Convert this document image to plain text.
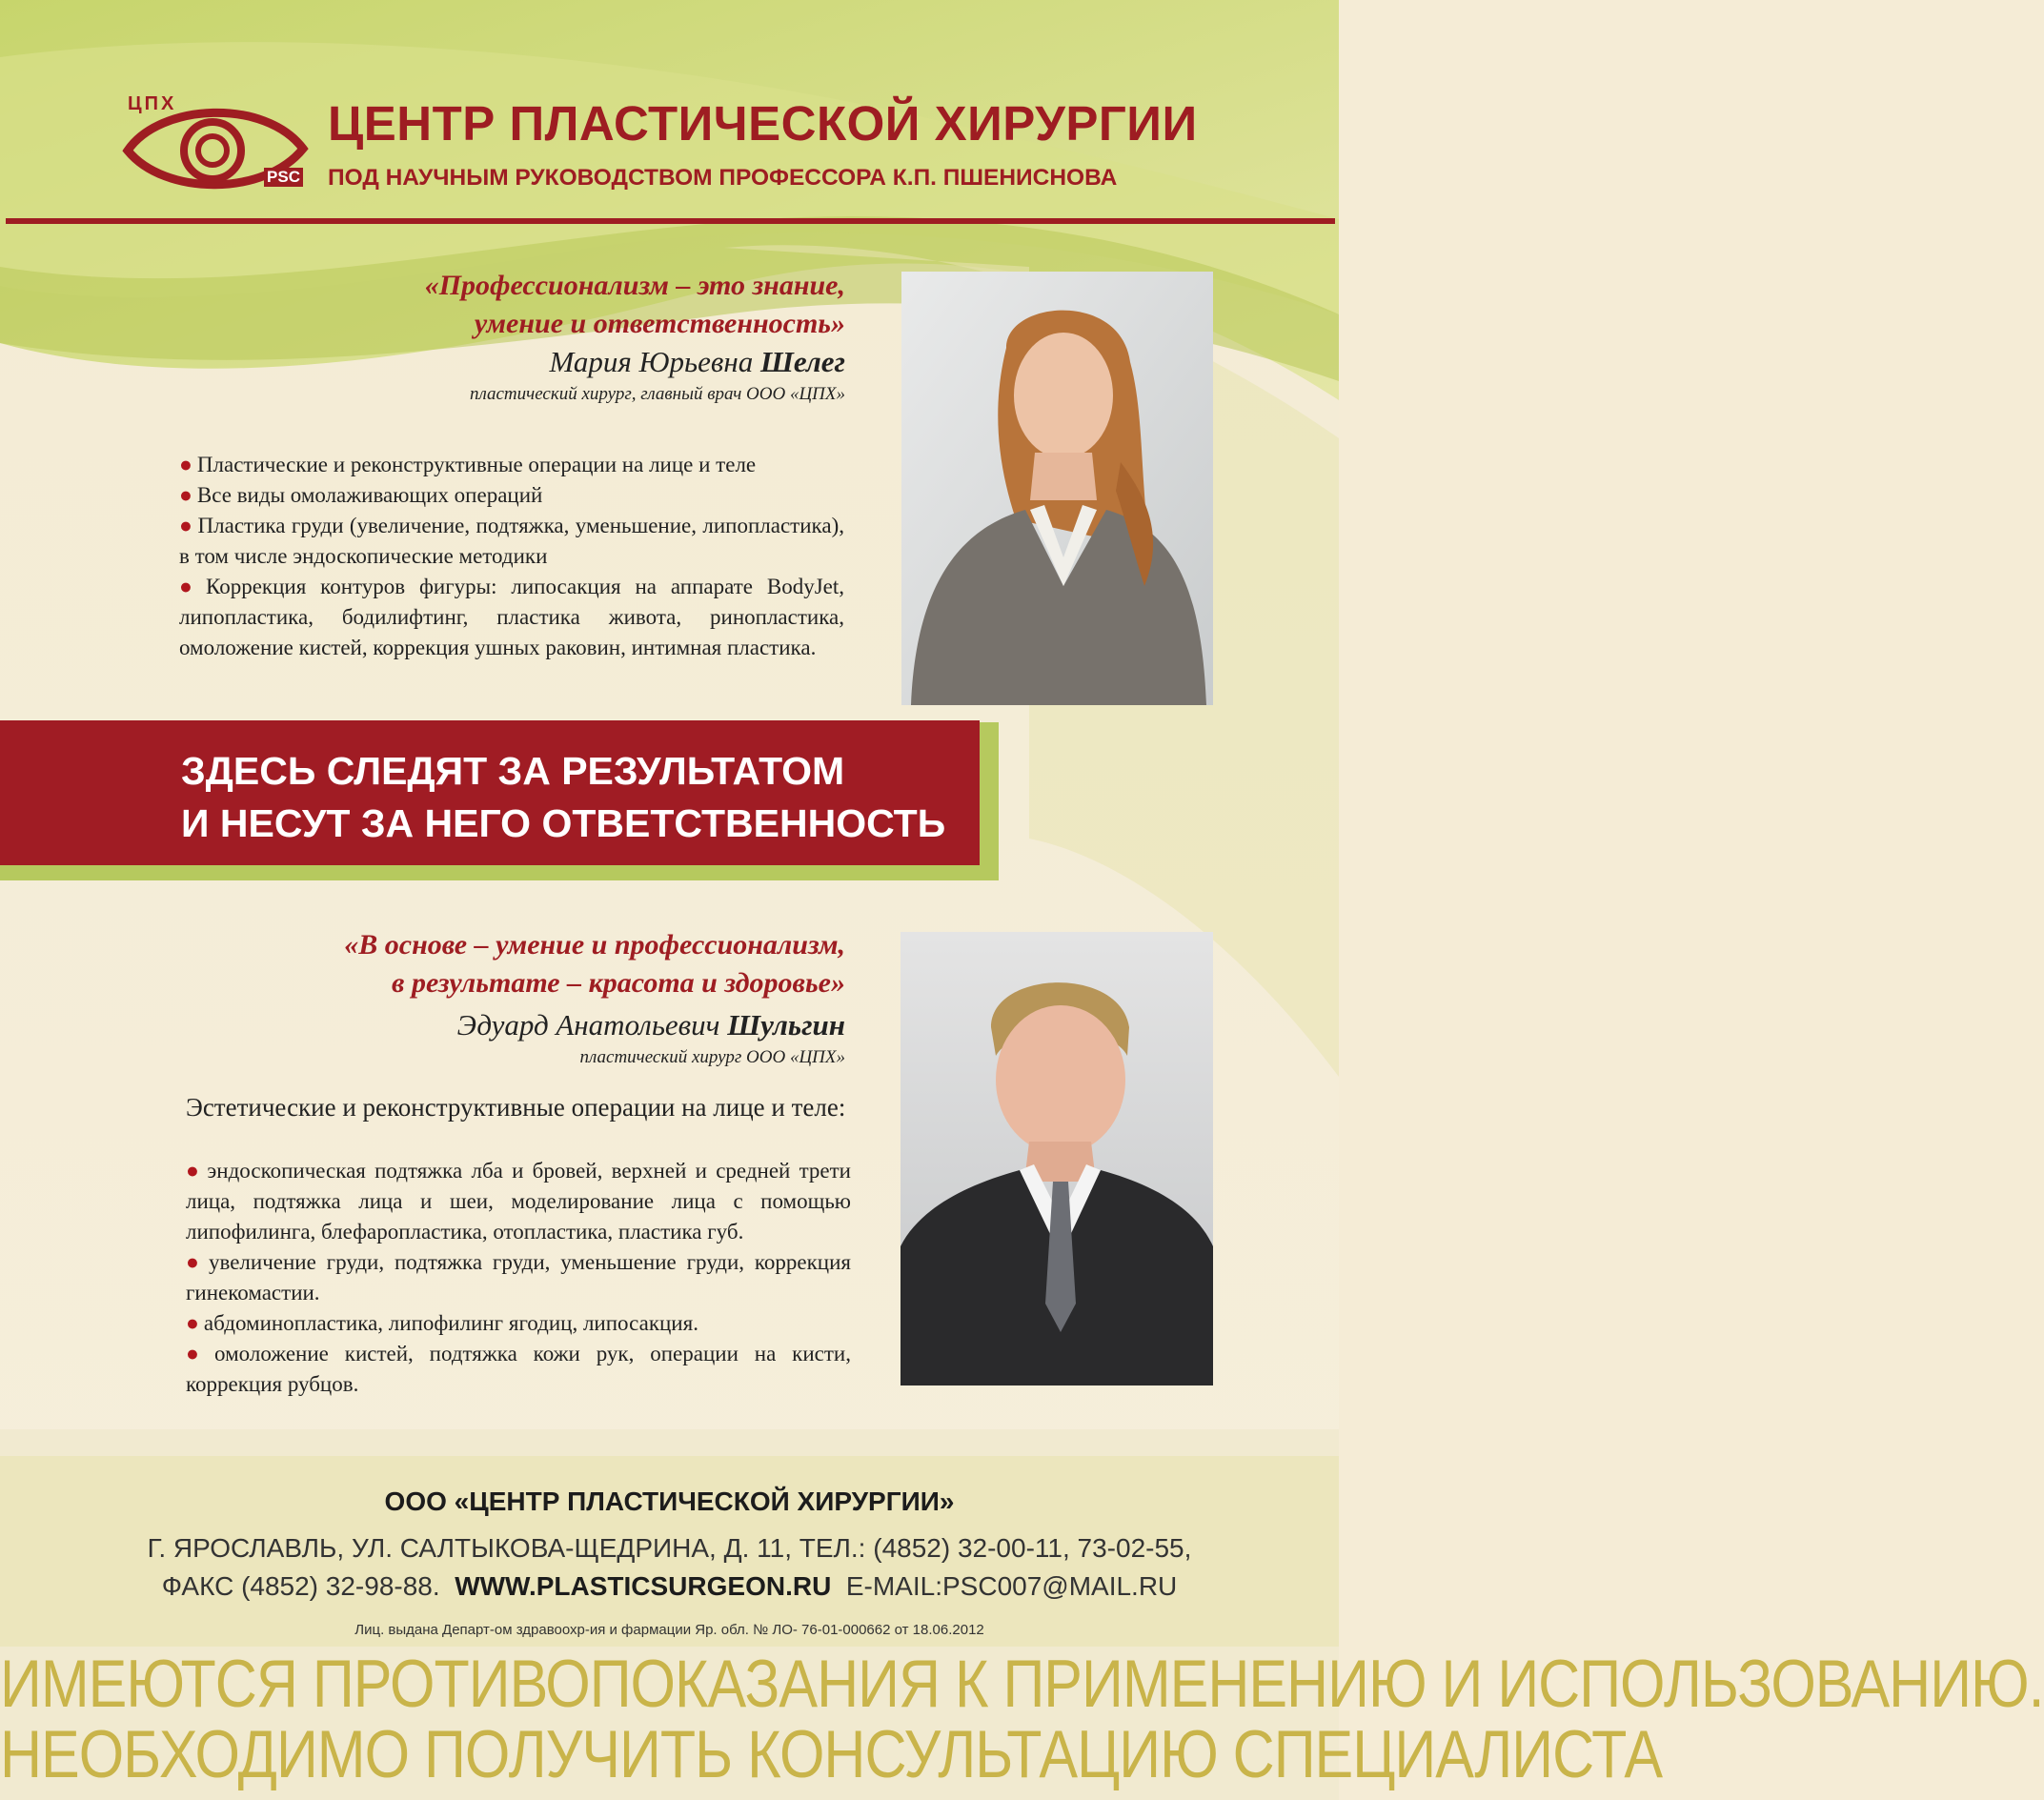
ЦПХ
PSC
ЦЕНТР ПЛАСТИЧЕСКОЙ ХИРУРГИИ
ПОД НАУЧНЫМ РУКОВОДСТВОМ ПРОФЕССОРА К.П. ПШЕНИСНОВА
«Профессионализм – это знание,
умение и ответственность»
Мария Юрьевна Шелег
пластический хирург, главный врач ООО «ЦПХ»
● Пластические и реконструктивные операции на лице и теле
● Все виды омолаживающих операций
● Пластика груди (увеличение, подтяжка, уменьшение, липопластика), в том числе эндоскопические методики
● Коррекция контуров фигуры: липосакция на аппарате BodyJet, липопластика, бодилифтинг, пластика живота, ринопластика, омоложение кистей, коррекция ушных раковин, интимная пластика.
ЗДЕСЬ СЛЕДЯТ ЗА РЕЗУЛЬТАТОМ
И НЕСУТ ЗА НЕГО ОТВЕТСТВЕННОСТЬ
«В основе – умение и профессионализм,
в результате – красота и здоровье»
Эдуард Анатольевич Шульгин
пластический хирург ООО «ЦПХ»
Эстетические и реконструктивные операции на лице и теле:
● эндоскопическая подтяжка лба и бровей, верхней и средней трети лица, подтяжка лица и шеи, моделирование лица с помощью липофилинга, блефаропластика, отопластика, пластика губ.
● увеличение груди, подтяжка груди, уменьшение груди, коррекция гинекомастии.
● абдоминопластика, липофилинг ягодиц, липосакция.
● омоложение кистей, подтяжка кожи рук, операции на кисти, коррекция рубцов.
ООО «ЦЕНТР ПЛАСТИЧЕСКОЙ ХИРУРГИИ»
Г. ЯРОСЛАВЛЬ, УЛ. САЛТЫКОВА-ЩЕДРИНА, Д. 11, ТЕЛ.: (4852) 32-00-11, 73-02-55,
ФАКС (4852) 32-98-88. WWW.PLASTICSURGEON.RU E-MAIL:PSC007@MAIL.RU
Лиц. выдана Департ-ом здравоохр-ия и фармации Яр. обл. № ЛО- 76-01-000662 от 18.06.2012
ИМЕЮТСЯ ПРОТИВОПОКАЗАНИЯ К ПРИМЕНЕНИЮ И ИСПОЛЬЗОВАНИЮ.
НЕОБХОДИМО ПОЛУЧИТЬ КОНСУЛЬТАЦИЮ СПЕЦИАЛИСТА
